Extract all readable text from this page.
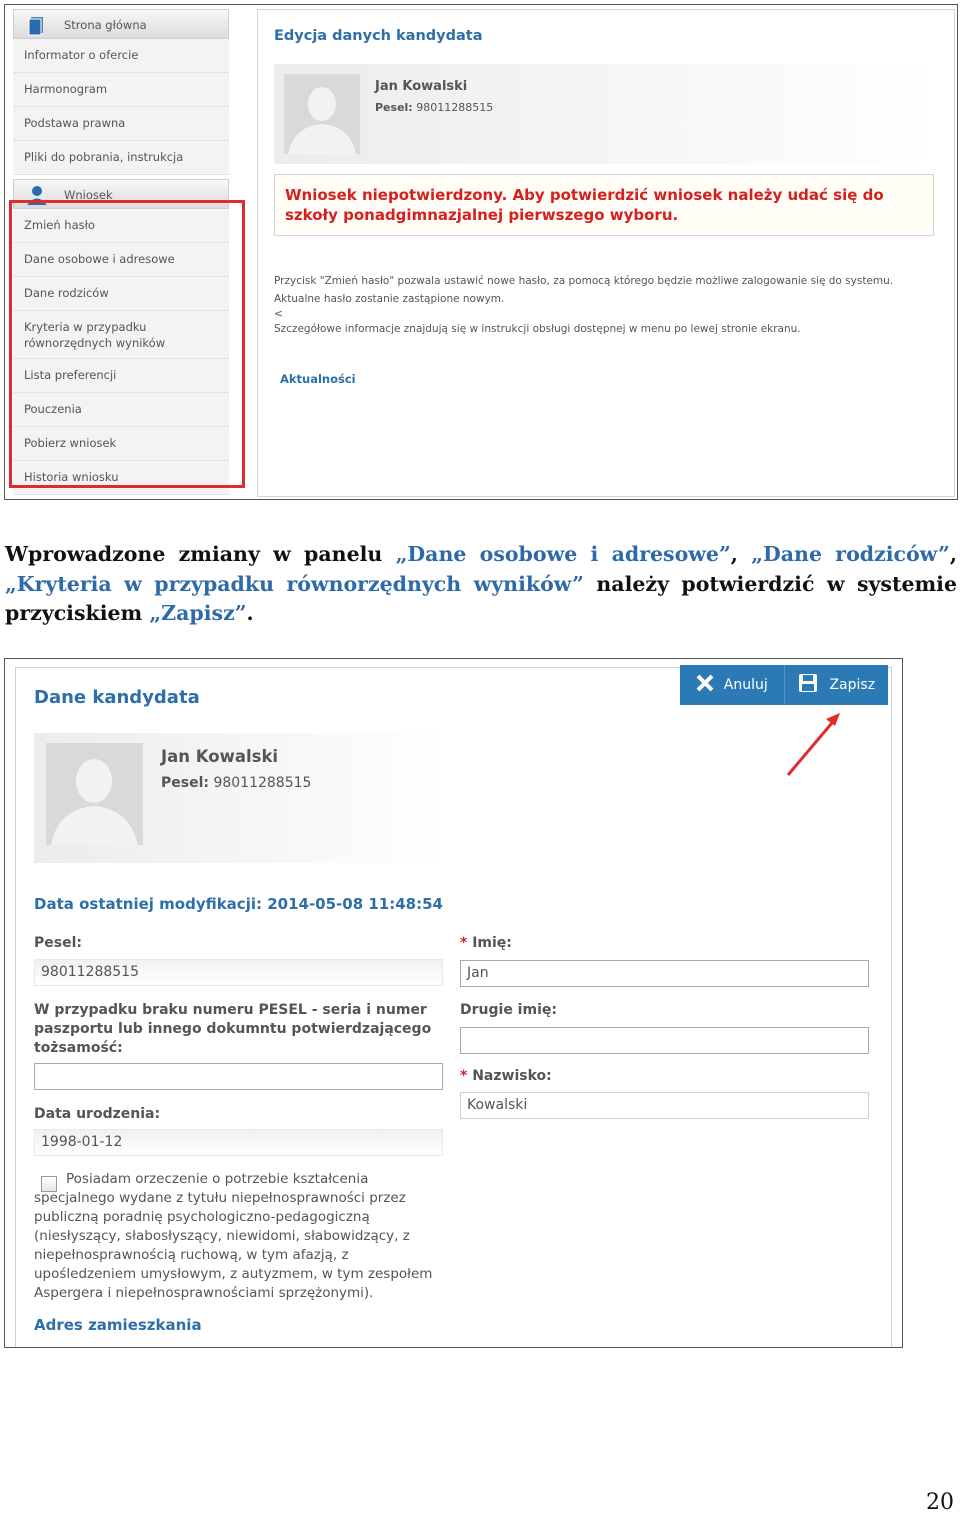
Strona główna
Informator o ofercie
Harmonogram
Podstawa prawna
Pliki do pobrania, instrukcja
Wniosek
Zmień hasło
Dane osobowe i adresowe
Dane rodziców
Kryteria w przypadku równorzędnych wyników
Lista preferencji
Pouczenia
Pobierz wniosek
Historia wniosku
Edycja danych kandydata
Jan Kowalski
Pesel: 98011288515
Wniosek niepotwierdzony. Aby potwierdzić wniosek należy udać się do szkoły ponadgimnazjalnej pierwszego wyboru.
Przycisk "Zmień hasło" pozwala ustawić nowe hasło, za pomocą którego będzie możliwe zalogowanie się do systemu.
Aktualne hasło zostanie zastąpione nowym.
<
Szczegółowe informacje znajdują się w instrukcji obsługi dostępnej w menu po lewej stronie ekranu.
Aktualności
Wprowadzone zmiany w panelu „Dane osobowe i adresowe”, „Dane rodziców”, „Kryteria w przypadku równorzędnych wyników” należy potwierdzić w systemie przyciskiem „Zapisz”.
Anuluj	Zapisz
Dane kandydata
Jan Kowalski
Pesel: 98011288515
Data ostatniej modyfikacji: 2014-05-08 11:48:54
Pesel:
98011288515
W przypadku braku numeru PESEL - seria i numer paszportu lub innego dokumntu potwierdzającego tożsamość:
Data urodzenia:
1998-01-12
Posiadam orzeczenie o potrzebie kształcenia specjalnego wydane z tytułu niepełnosprawności przez publiczną poradnię psychologiczno-pedagogiczną (niesłyszący, słabosłyszący, niewidomi, słabowidzący, z niepełnosprawnością ruchową, w tym afazją, z upośledzeniem umysłowym, z autyzmem, w tym zespołem Aspergera i niepełnosprawnościami sprzężonymi).
* Imię:
Jan
Drugie imię:
* Nazwisko:
Kowalski
Adres zamieszkania
20
